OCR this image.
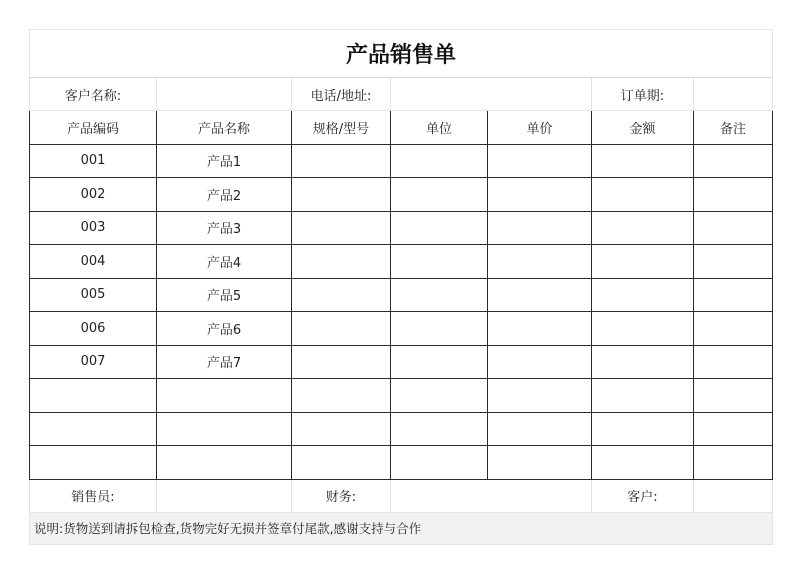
产品销售单						
客户名称:		电话/地址:			订单期:	
产品编码	产品名称	规格/型号	单位	单价	金额	备注
001	产品1					
002	产品2					
003	产品3					
004	产品4					
005	产品5					
006	产品6					
007	产品7					

销售员:		财务:			客户:	
说明:货物送到请拆包检查,货物完好无损并签章付尾款,感谢支持与合作						
